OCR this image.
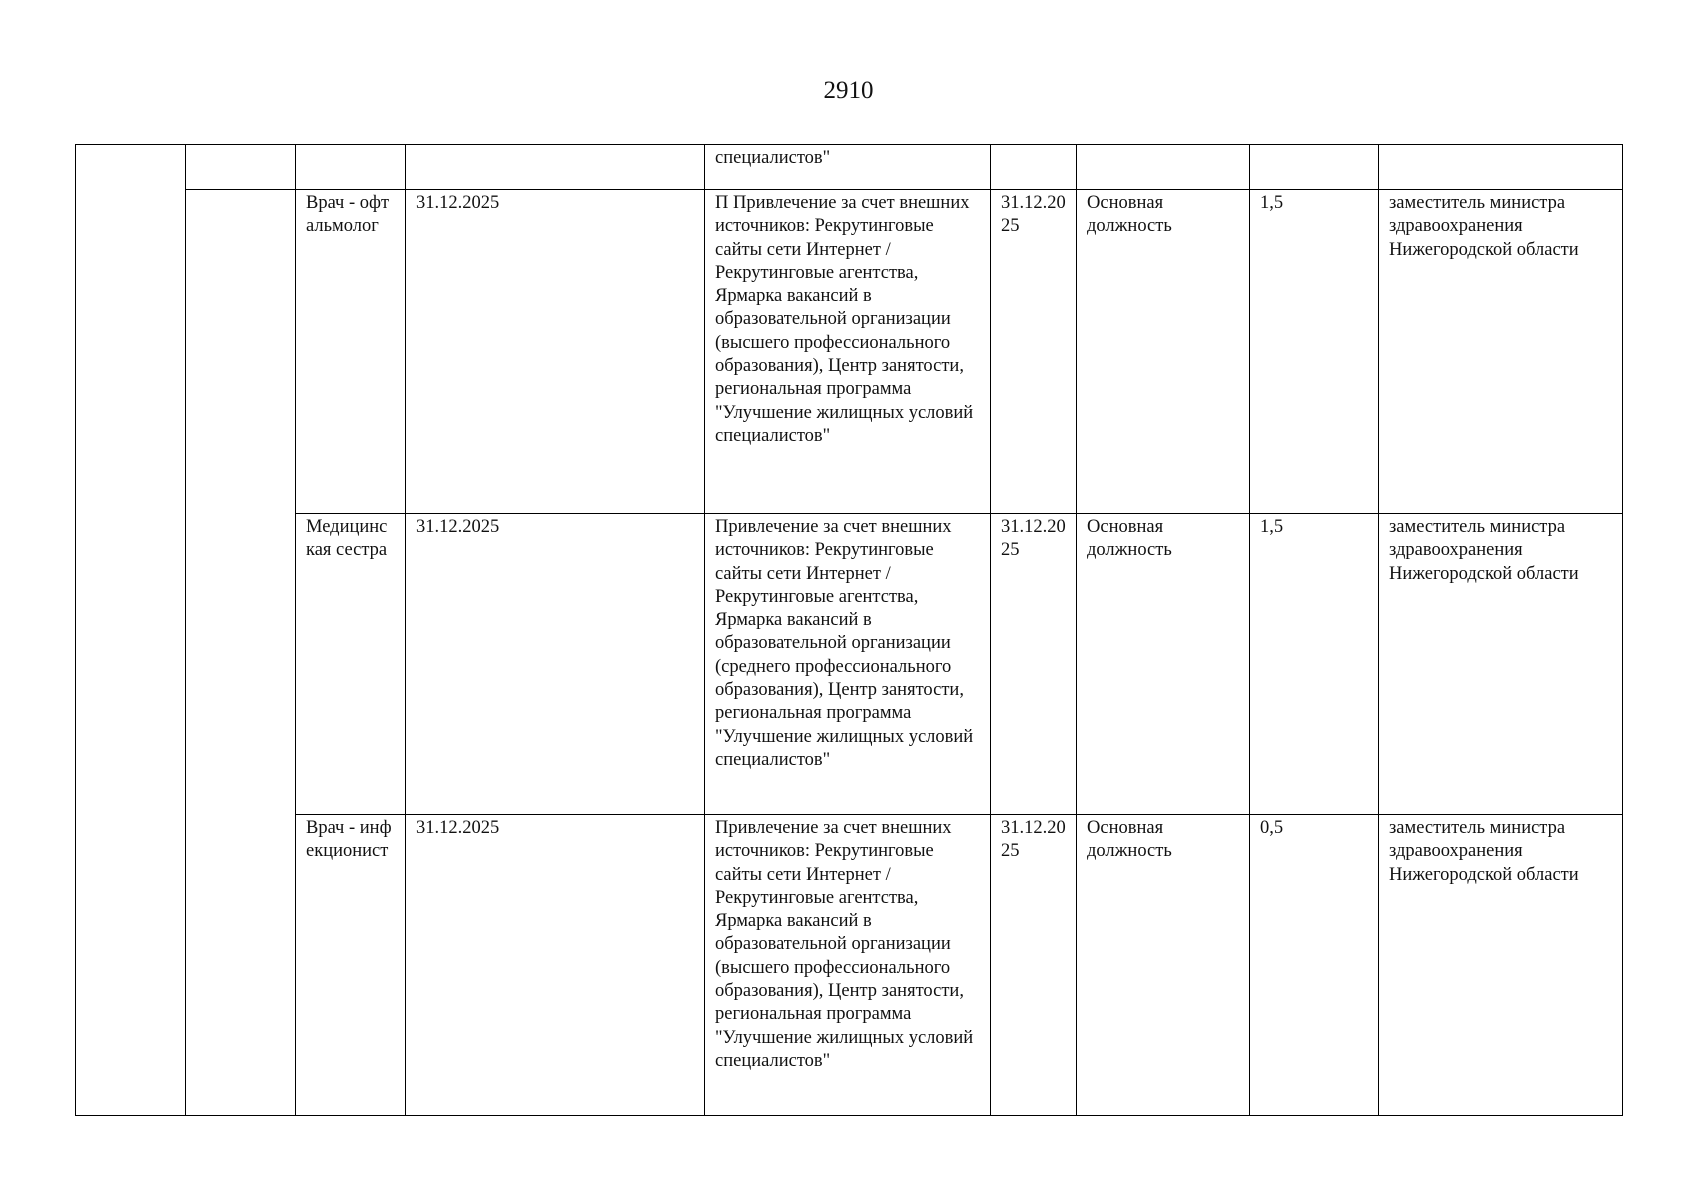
2910
				специалистов"				
		Врач - офтальмолог	31.12.2025	П Привлечение за счет внешних источников: Рекрутинговые сайты сети Интернет / Рекрутинговые агентства, Ярмарка вакансий в образовательной организации (высшего профессионального образования), Центр занятости, региональная программа "Улучшение жилищных условий специалистов"	31.12.2025	Основная должность	1,5	заместитель министра здравоохранения Нижегородской области
		Медицинская сестра	31.12.2025	Привлечение за счет внешних источников: Рекрутинговые сайты сети Интернет / Рекрутинговые агентства, Ярмарка вакансий в образовательной организации (среднего профессионального образования), Центр занятости, региональная программа "Улучшение жилищных условий специалистов"	31.12.2025	Основная должность	1,5	заместитель министра здравоохранения Нижегородской области
		Врач - инфекционист	31.12.2025	Привлечение за счет внешних источников: Рекрутинговые сайты сети Интернет / Рекрутинговые агентства, Ярмарка вакансий в образовательной организации (высшего профессионального образования), Центр занятости, региональная программа "Улучшение жилищных условий специалистов"	31.12.2025	Основная должность	0,5	заместитель министра здравоохранения Нижегородской области
